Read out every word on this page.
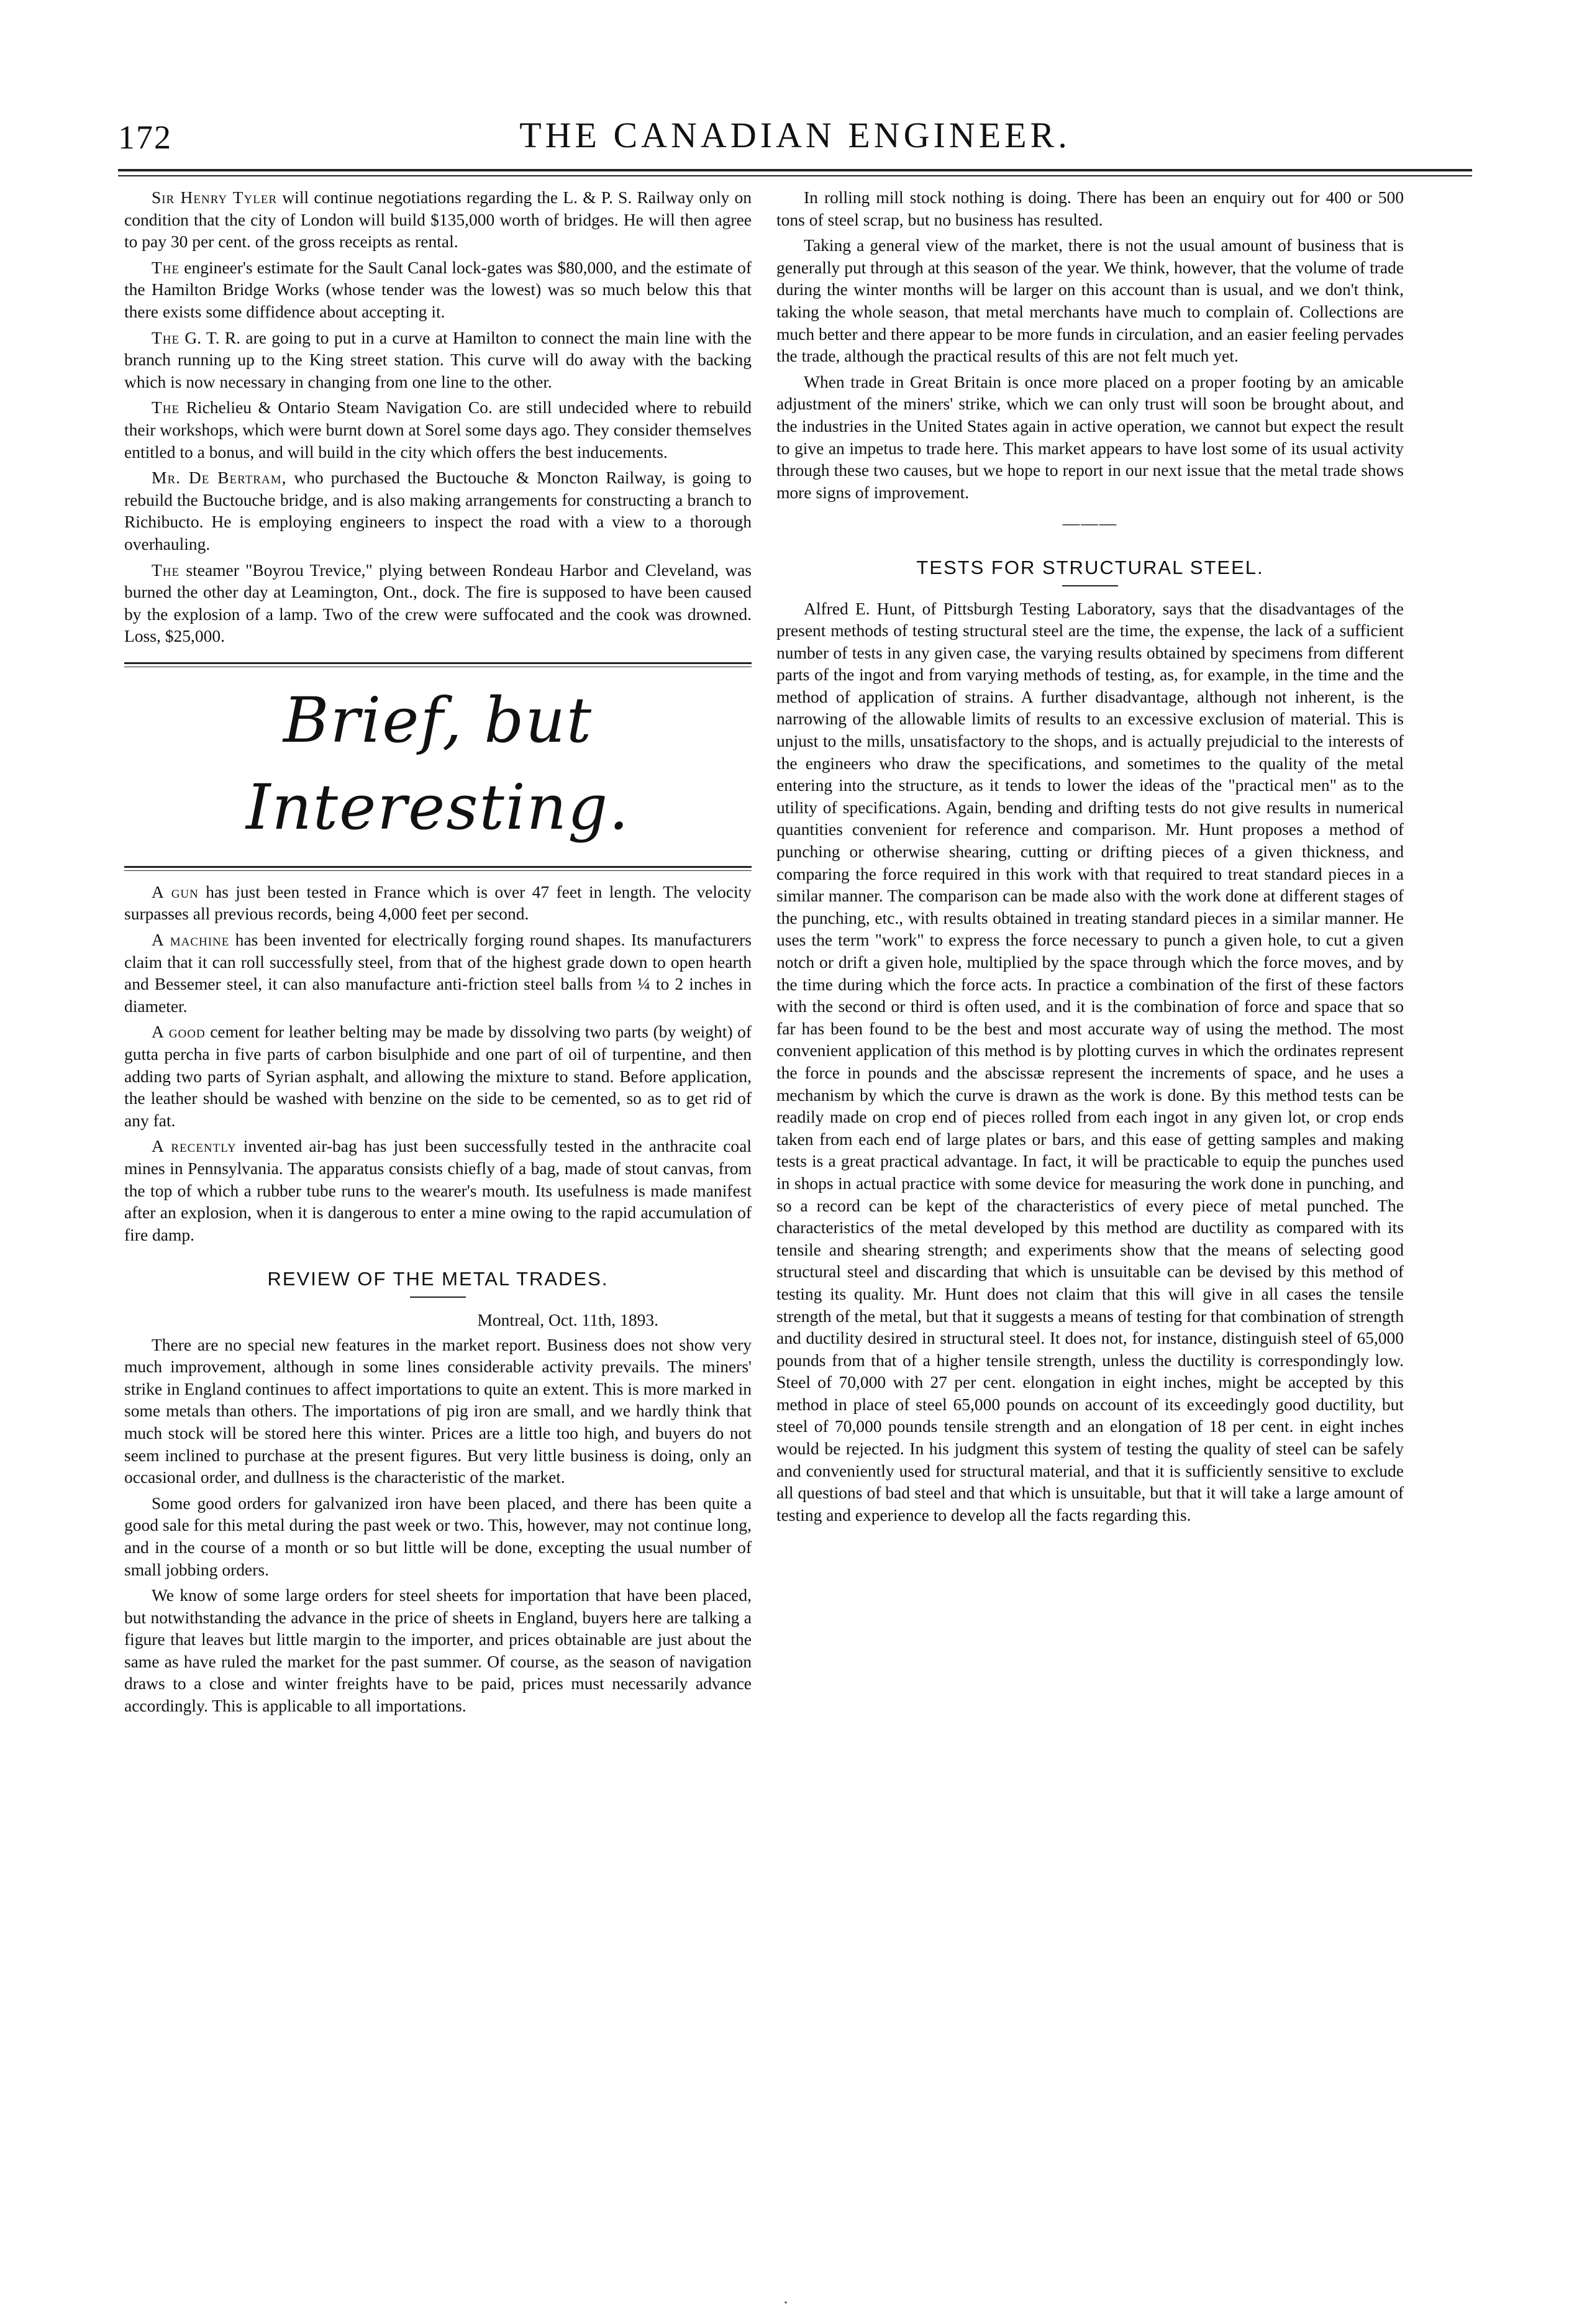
172	THE CANADIAN ENGINEER.

Sir Henry Tyler will continue negotiations regarding the L. & P. S. Railway only on condition that the city of London will build $135,000 worth of bridges. He will then agree to pay 30 per cent. of the gross receipts as rental.

The engineer's estimate for the Sault Canal lock-gates was $80,000, and the estimate of the Hamilton Bridge Works (whose tender was the lowest) was so much below this that there exists some diffidence about accepting it.

The G. T. R. are going to put in a curve at Hamilton to connect the main line with the branch running up to the King street station. This curve will do away with the backing which is now necessary in changing from one line to the other.

The Richelieu & Ontario Steam Navigation Co. are still undecided where to rebuild their workshops, which were burnt down at Sorel some days ago. They consider themselves entitled to a bonus, and will build in the city which offers the best inducements.

Mr. De Bertram, who purchased the Buctouche & Moncton Railway, is going to rebuild the Buctouche bridge, and is also making arrangements for constructing a branch to Richibucto. He is employing engineers to inspect the road with a view to a thorough overhauling.

The steamer "Boyrou Trevice," plying between Rondeau Harbor and Cleveland, was burned the other day at Leamington, Ont., dock. The fire is supposed to have been caused by the explosion of a lamp. Two of the crew were suffocated and the cook was drowned. Loss, $25,000.

Brief, but Interesting.

A gun has just been tested in France which is over 47 feet in length. The velocity surpasses all previous records, being 4,000 feet per second.

A machine has been invented for electrically forging round shapes. Its manufacturers claim that it can roll successfully steel, from that of the highest grade down to open hearth and Bessemer steel, it can also manufacture anti-friction steel balls from ¼ to 2 inches in diameter.

A good cement for leather belting may be made by dissolving two parts (by weight) of gutta percha in five parts of carbon bisulphide and one part of oil of turpentine, and then adding two parts of Syrian asphalt, and allowing the mixture to stand. Before application, the leather should be washed with benzine on the side to be cemented, so as to get rid of any fat.

A recently invented air-bag has just been successfully tested in the anthracite coal mines in Pennsylvania. The apparatus consists chiefly of a bag, made of stout canvas, from the top of which a rubber tube runs to the wearer's mouth. Its usefulness is made manifest after an explosion, when it is dangerous to enter a mine owing to the rapid accumulation of fire damp.

REVIEW OF THE METAL TRADES.
Montreal, Oct. 11th, 1893.

There are no special new features in the market report. Business does not show very much improvement, although in some lines considerable activity prevails. The miners' strike in England continues to affect importations to quite an extent. This is more marked in some metals than others. The importations of pig iron are small, and we hardly think that much stock will be stored here this winter. Prices are a little too high, and buyers do not seem inclined to purchase at the present figures. But very little business is doing, only an occasional order, and dullness is the characteristic of the market.

Some good orders for galvanized iron have been placed, and there has been quite a good sale for this metal during the past week or two. This, however, may not continue long, and in the course of a month or so but little will be done, excepting the usual number of small jobbing orders.

We know of some large orders for steel sheets for importation that have been placed, but notwithstanding the advance in the price of sheets in England, buyers here are talking a figure that leaves but little margin to the importer, and prices obtainable are just about the same as have ruled the market for the past summer. Of course, as the season of navigation draws to a close and winter freights have to be paid, prices must necessarily advance accordingly. This is applicable to all importations.

In rolling mill stock nothing is doing. There has been an enquiry out for 400 or 500 tons of steel scrap, but no business has resulted.

Taking a general view of the market, there is not the usual amount of business that is generally put through at this season of the year. We think, however, that the volume of trade during the winter months will be larger on this account than is usual, and we don't think, taking the whole season, that metal merchants have much to complain of. Collections are much better and there appear to be more funds in circulation, and an easier feeling pervades the trade, although the practical results of this are not felt much yet.

When trade in Great Britain is once more placed on a proper footing by an amicable adjustment of the miners' strike, which we can only trust will soon be brought about, and the industries in the United States again in active operation, we cannot but expect the result to give an impetus to trade here. This market appears to have lost some of its usual activity through these two causes, but we hope to report in our next issue that the metal trade shows more signs of improvement.

———
TESTS FOR STRUCTURAL STEEL.

Alfred E. Hunt, of Pittsburgh Testing Laboratory, says that the disadvantages of the present methods of testing structural steel are the time, the expense, the lack of a sufficient number of tests in any given case, the varying results obtained by specimens from different parts of the ingot and from varying methods of testing, as, for example, in the time and the method of application of strains. A further disadvantage, although not inherent, is the narrowing of the allowable limits of results to an excessive exclusion of material. This is unjust to the mills, unsatisfactory to the shops, and is actually prejudicial to the interests of the engineers who draw the specifications, and sometimes to the quality of the metal entering into the structure, as it tends to lower the ideas of the "practical men" as to the utility of specifications. Again, bending and drifting tests do not give results in numerical quantities convenient for reference and comparison. Mr. Hunt proposes a method of punching or otherwise shearing, cutting or drifting pieces of a given thickness, and comparing the force required in this work with that required to treat standard pieces in a similar manner. The comparison can be made also with the work done at different stages of the punching, etc., with results obtained in treating standard pieces in a similar manner. He uses the term "work" to express the force necessary to punch a given hole, to cut a given notch or drift a given hole, multiplied by the space through which the force moves, and by the time during which the force acts. In practice a combination of the first of these factors with the second or third is often used, and it is the combination of force and space that so far has been found to be the best and most accurate way of using the method. The most convenient application of this method is by plotting curves in which the ordinates represent the force in pounds and the abscissæ represent the increments of space, and he uses a mechanism by which the curve is drawn as the work is done. By this method tests can be readily made on crop end of pieces rolled from each ingot in any given lot, or crop ends taken from each end of large plates or bars, and this ease of getting samples and making tests is a great practical advantage. In fact, it will be practicable to equip the punches used in shops in actual practice with some device for measuring the work done in punching, and so a record can be kept of the characteristics of every piece of metal punched. The characteristics of the metal developed by this method are ductility as compared with its tensile and shearing strength; and experiments show that the means of selecting good structural steel and discarding that which is unsuitable can be devised by this method of testing its quality. Mr. Hunt does not claim that this will give in all cases the tensile strength of the metal, but that it suggests a means of testing for that combination of strength and ductility desired in structural steel. It does not, for instance, distinguish steel of 65,000 pounds from that of a higher tensile strength, unless the ductility is correspondingly low. Steel of 70,000 with 27 per cent. elongation in eight inches, might be accepted by this method in place of steel 65,000 pounds on account of its exceedingly good ductility, but steel of 70,000 pounds tensile strength and an elongation of 18 per cent. in eight inches would be rejected. In his judgment this system of testing the quality of steel can be safely and conveniently used for structural material, and that it is sufficiently sensitive to exclude all questions of bad steel and that which is unsuitable, but that it will take a large amount of testing and experience to develop all the facts regarding this.

·
